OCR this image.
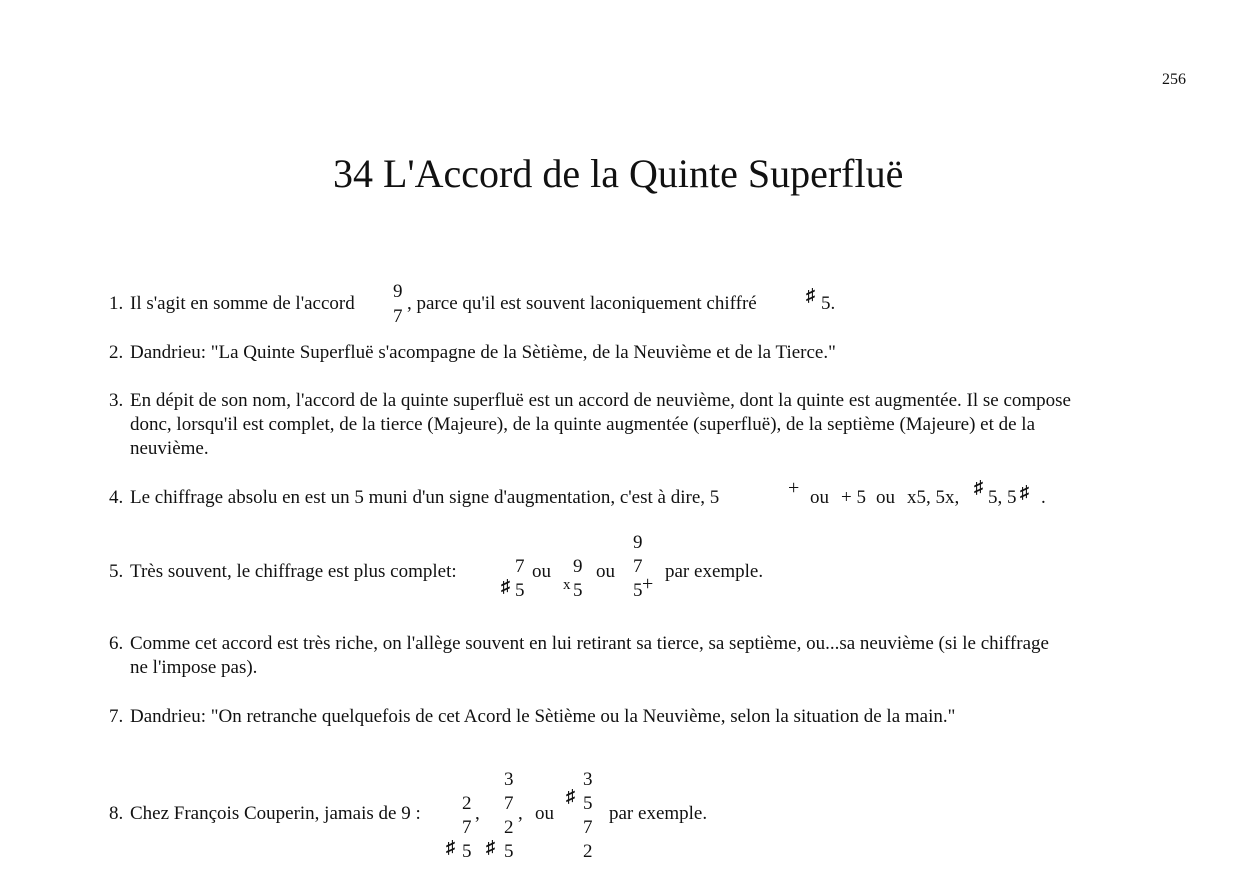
256
34 L'Accord de la Quinte Superfluë
1. Il s'agit en somme de l'accord
9
7
, parce qu'il est souvent laconiquement chiffré	♯ 5.
2. Dandrieu: "La Quinte Superfluë s'acompagne de la Sètième, de la Neuvième et de la Tierce."
3. En dépit de son nom, l'accord de la quinte superfluë est un accord de neuvième, dont la quinte est augmentée. Il se compose
donc, lorsqu'il est complet, de la tierce (Majeure), de la quinte augmentée (superfluë), de la septième (Majeure) et de la
neuvième.
4. Le chiffrage absolu en est un 5 muni d'un signe d'augmentation, c'est à dire, 5	+ ou + 5 ou x5, 5x, ♯ 5, 5 ♯ .
5. Très souvent, le chiffrage est plus complet:
♯
7
5
ou
x
9
5
ou
9
7
5 +
par exemple.
6. Comme cet accord est très riche, on l'allège souvent en lui retirant sa tierce, sa septième, ou...sa neuvième (si le chiffrage
ne l'impose pas).
7. Dandrieu: "On retranche quelquefois de cet Acord le Sètième ou la Neuvième, selon la situation de la main."
8. Chez François Couperin, jamais de 9 : 2
7
♯ 5
,
3
7
2
♯ 5
, ou
♯
3
5
7
2
par exemple.
